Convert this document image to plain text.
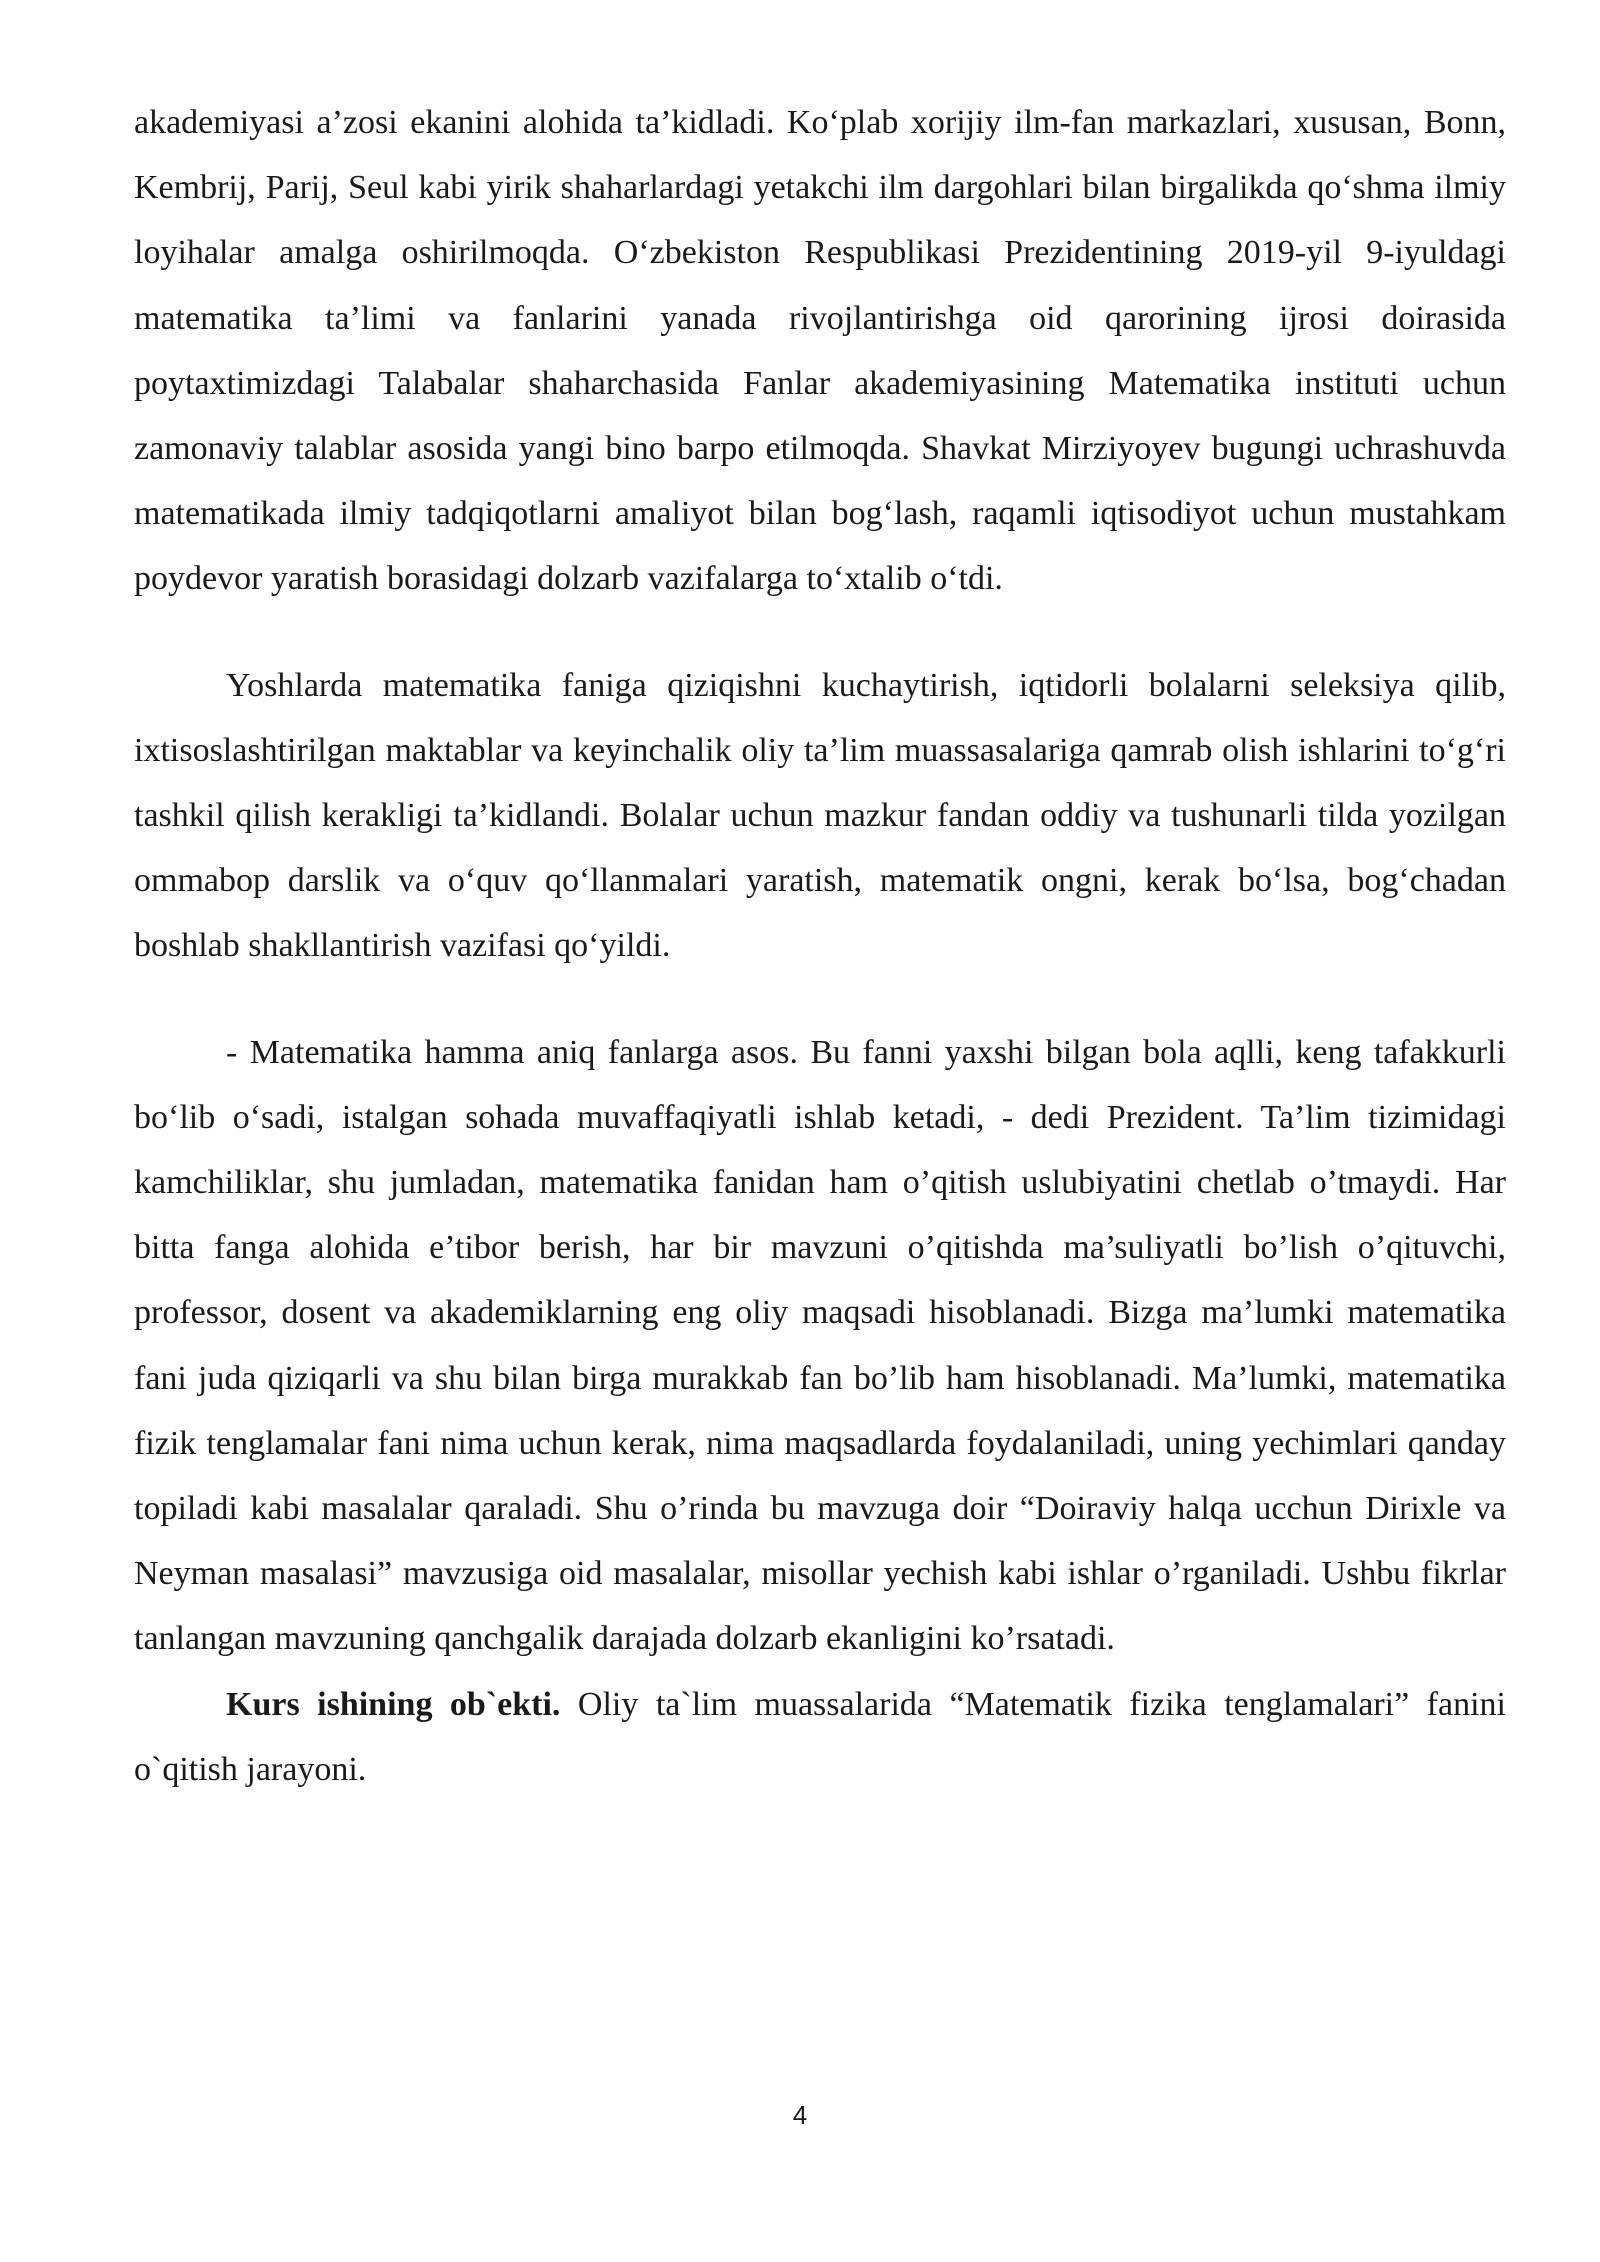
akademiyasi a’zosi ekanini alohida ta’kidladi. Ko‘plab xorijiy ilm-fan markazlari, xususan, Bonn, Kembrij, Parij, Seul kabi yirik shaharlardagi yetakchi ilm dargohlari bilan birgalikda qo‘shma ilmiy loyihalar amalga oshirilmoqda. O‘zbekiston Respublikasi Prezidentining 2019-yil 9-iyuldagi matematika ta’limi va fanlarini yanada rivojlantirishga oid qarorining ijrosi doirasida poytaxtimizdagi Talabalar shaharchasida Fanlar akademiyasining Matematika instituti uchun zamonaviy talablar asosida yangi bino barpo etilmoqda. Shavkat Mirziyoyev bugungi uchrashuvda matematikada ilmiy tadqiqotlarni amaliyot bilan bog‘lash, raqamli iqtisodiyot uchun mustahkam poydevor yaratish borasidagi dolzarb vazifalarga to‘xtalib o‘tdi.

Yoshlarda matematika faniga qiziqishni kuchaytirish, iqtidorli bolalarni seleksiya qilib, ixtisoslashtirilgan maktablar va keyinchalik oliy ta’lim muassasalariga qamrab olish ishlarini to‘g‘ri tashkil qilish kerakligi ta’kidlandi. Bolalar uchun mazkur fandan oddiy va tushunarli tilda yozilgan ommabop darslik va o‘quv qo‘llanmalari yaratish, matematik ongni, kerak bo‘lsa, bog‘chadan boshlab shakllantirish vazifasi qo‘yildi.

- Matematika hamma aniq fanlarga asos. Bu fanni yaxshi bilgan bola aqlli, keng tafakkurli bo‘lib o‘sadi, istalgan sohada muvaffaqiyatli ishlab ketadi, - dedi Prezident. Ta’lim tizimidagi kamchiliklar, shu jumladan, matematika fanidan ham o’qitish uslubiyatini chetlab o’tmaydi. Har bitta fanga alohida e’tibor berish, har bir mavzuni o’qitishda ma’suliyatli bo’lish o’qituvchi, professor, dosent va akademiklarning eng oliy maqsadi hisoblanadi. Bizga ma’lumki matematika fani juda qiziqarli va shu bilan birga murakkab fan bo’lib ham hisoblanadi. Ma’lumki, matematika fizik tenglamalar fani nima uchun kerak, nima maqsadlarda foydalaniladi, uning yechimlari qanday topiladi kabi masalalar qaraladi. Shu o’rinda bu mavzuga doir “Doiraviy halqa ucchun Dirixle va Neyman masalasi” mavzusiga oid masalalar, misollar yechish kabi ishlar o’rganiladi. Ushbu fikrlar tanlangan mavzuning qanchgalik darajada dolzarb ekanligini ko’rsatadi.

Kurs ishining ob`ekti. Oliy ta`lim muassalarida “Matematik fizika tenglamalari” fanini o`qitish jarayoni.

4
